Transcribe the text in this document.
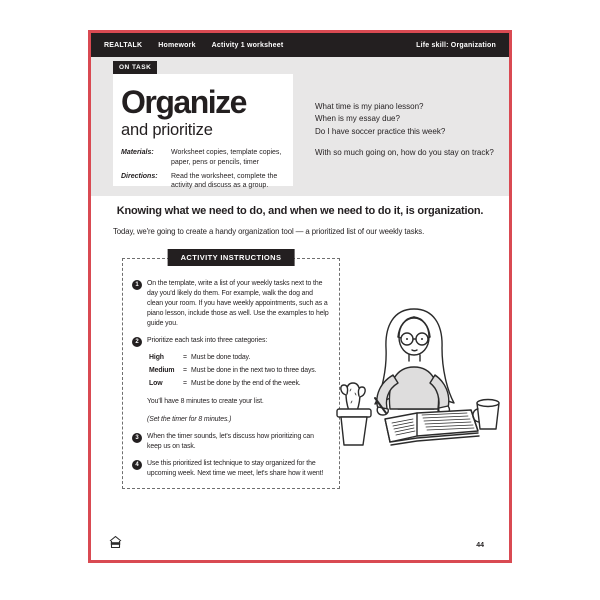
REALTALK Homework Activity 1 worksheet	Life skill: Organization
ON TASK
Organize
and prioritize
Materials:	Worksheet copies, template copies, paper, pens or pencils, timer
Directions:	Read the worksheet, complete the activity and discuss as a group.
What time is my piano lesson?
When is my essay due?
Do I have soccer practice this week?
With so much going on, how do you stay on track?
Knowing what we need to do, and when we need to do it, is organization.
Today, we're going to create a handy organization tool — a prioritized list of our weekly tasks.
ACTIVITY INSTRUCTIONS
1	On the template, write a list of your weekly tasks next to the day you'd likely do them. For example, walk the dog and clean your room. If you have weekly appointments, such as a piano lesson, include those as well. Use the examples to help guide you.
2	Prioritize each task into three categories:
High	= Must be done today.
Medium	= Must be done in the next two to three days.
Low	= Must be done by the end of the week.
You'll have 8 minutes to create your list.
(Set the timer for 8 minutes.)
3	When the timer sounds, let's discuss how prioritizing can keep us on task.
4	Use this prioritized list technique to stay organized for the upcoming week. Next time we meet, let's share how it went!
44
